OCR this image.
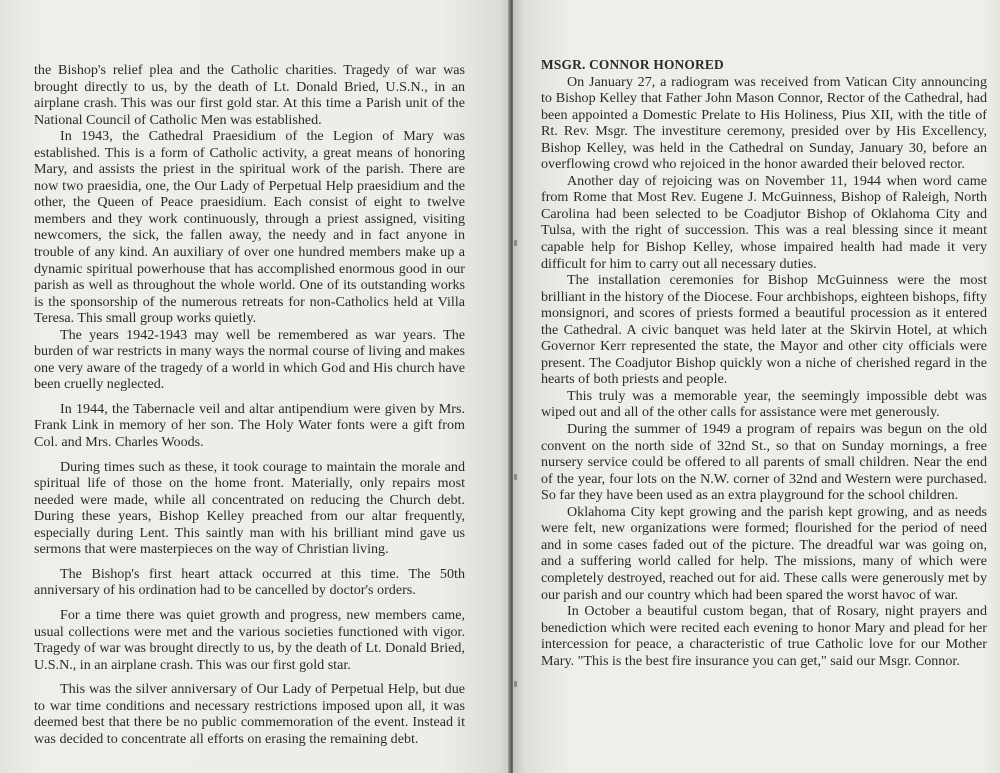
the Bishop's relief plea and the Catholic charities. Tragedy of war was brought directly to us, by the death of Lt. Donald Bried, U.S.N., in an airplane crash. This was our first gold star. At this time a Parish unit of the National Council of Catholic Men was established.

In 1943, the Cathedral Praesidium of the Legion of Mary was established. This is a form of Catholic activity, a great means of honoring Mary, and assists the priest in the spiritual work of the parish. There are now two praesidia, one, the Our Lady of Perpetual Help praesidium and the other, the Queen of Peace praesidium. Each consist of eight to twelve members and they work continuously, through a priest assigned, visiting newcomers, the sick, the fallen away, the needy and in fact anyone in trouble of any kind. An auxiliary of over one hundred members make up a dynamic spiritual powerhouse that has accomplished enormous good in our parish as well as throughout the whole world. One of its outstanding works is the sponsorship of the numerous retreats for non-Catholics held at Villa Teresa. This small group works quietly.

The years 1942-1943 may well be remembered as war years. The burden of war restricts in many ways the normal course of living and makes one very aware of the tragedy of a world in which God and His church have been cruelly neglected.

In 1944, the Tabernacle veil and altar antipendium were given by Mrs. Frank Link in memory of her son. The Holy Water fonts were a gift from Col. and Mrs. Charles Woods.

During times such as these, it took courage to maintain the morale and spiritual life of those on the home front. Materially, only repairs most needed were made, while all concentrated on reducing the Church debt. During these years, Bishop Kelley preached from our altar frequently, especially during Lent. This saintly man with his brilliant mind gave us sermons that were masterpieces on the way of Christian living.

The Bishop's first heart attack occurred at this time. The 50th anniversary of his ordination had to be cancelled by doctor's orders.

For a time there was quiet growth and progress, new members came, usual collections were met and the various societies functioned with vigor. Tragedy of war was brought directly to us, by the death of Lt. Donald Bried, U.S.N., in an airplane crash. This was our first gold star.

This was the silver anniversary of Our Lady of Perpetual Help, but due to war time conditions and necessary restrictions imposed upon all, it was deemed best that there be no public commemoration of the event. Instead it was decided to concentrate all efforts on erasing the remaining debt.

MSGR. CONNOR HONORED

On January 27, a radiogram was received from Vatican City announcing to Bishop Kelley that Father John Mason Connor, Rector of the Cathedral, had been appointed a Domestic Prelate to His Holiness, Pius XII, with the title of Rt. Rev. Msgr. The investiture ceremony, presided over by His Excellency, Bishop Kelley, was held in the Cathedral on Sunday, January 30, before an overflowing crowd who rejoiced in the honor awarded their beloved rector.

Another day of rejoicing was on November 11, 1944 when word came from Rome that Most Rev. Eugene J. McGuinness, Bishop of Raleigh, North Carolina had been selected to be Coadjutor Bishop of Oklahoma City and Tulsa, with the right of succession. This was a real blessing since it meant capable help for Bishop Kelley, whose impaired health had made it very difficult for him to carry out all necessary duties.

The installation ceremonies for Bishop McGuinness were the most brilliant in the history of the Diocese. Four archbishops, eighteen bishops, fifty monsignori, and scores of priests formed a beautiful procession as it entered the Cathedral. A civic banquet was held later at the Skirvin Hotel, at which Governor Kerr represented the state, the Mayor and other city officials were present. The Coadjutor Bishop quickly won a niche of cherished regard in the hearts of both priests and people.

This truly was a memorable year, the seemingly impossible debt was wiped out and all of the other calls for assistance were met generously.

During the summer of 1949 a program of repairs was begun on the old convent on the north side of 32nd St., so that on Sunday mornings, a free nursery service could be offered to all parents of small children. Near the end of the year, four lots on the N.W. corner of 32nd and Western were purchased. So far they have been used as an extra playground for the school children.

Oklahoma City kept growing and the parish kept growing, and as needs were felt, new organizations were formed; flourished for the period of need and in some cases faded out of the picture. The dreadful war was going on, and a suffering world called for help. The missions, many of which were completely destroyed, reached out for aid. These calls were generously met by our parish and our country which had been spared the worst havoc of war.

In October a beautiful custom began, that of Rosary, night prayers and benediction which were recited each evening to honor Mary and plead for her intercession for peace, a characteristic of true Catholic love for our Mother Mary. "This is the best fire insurance you can get," said our Msgr. Connor.
